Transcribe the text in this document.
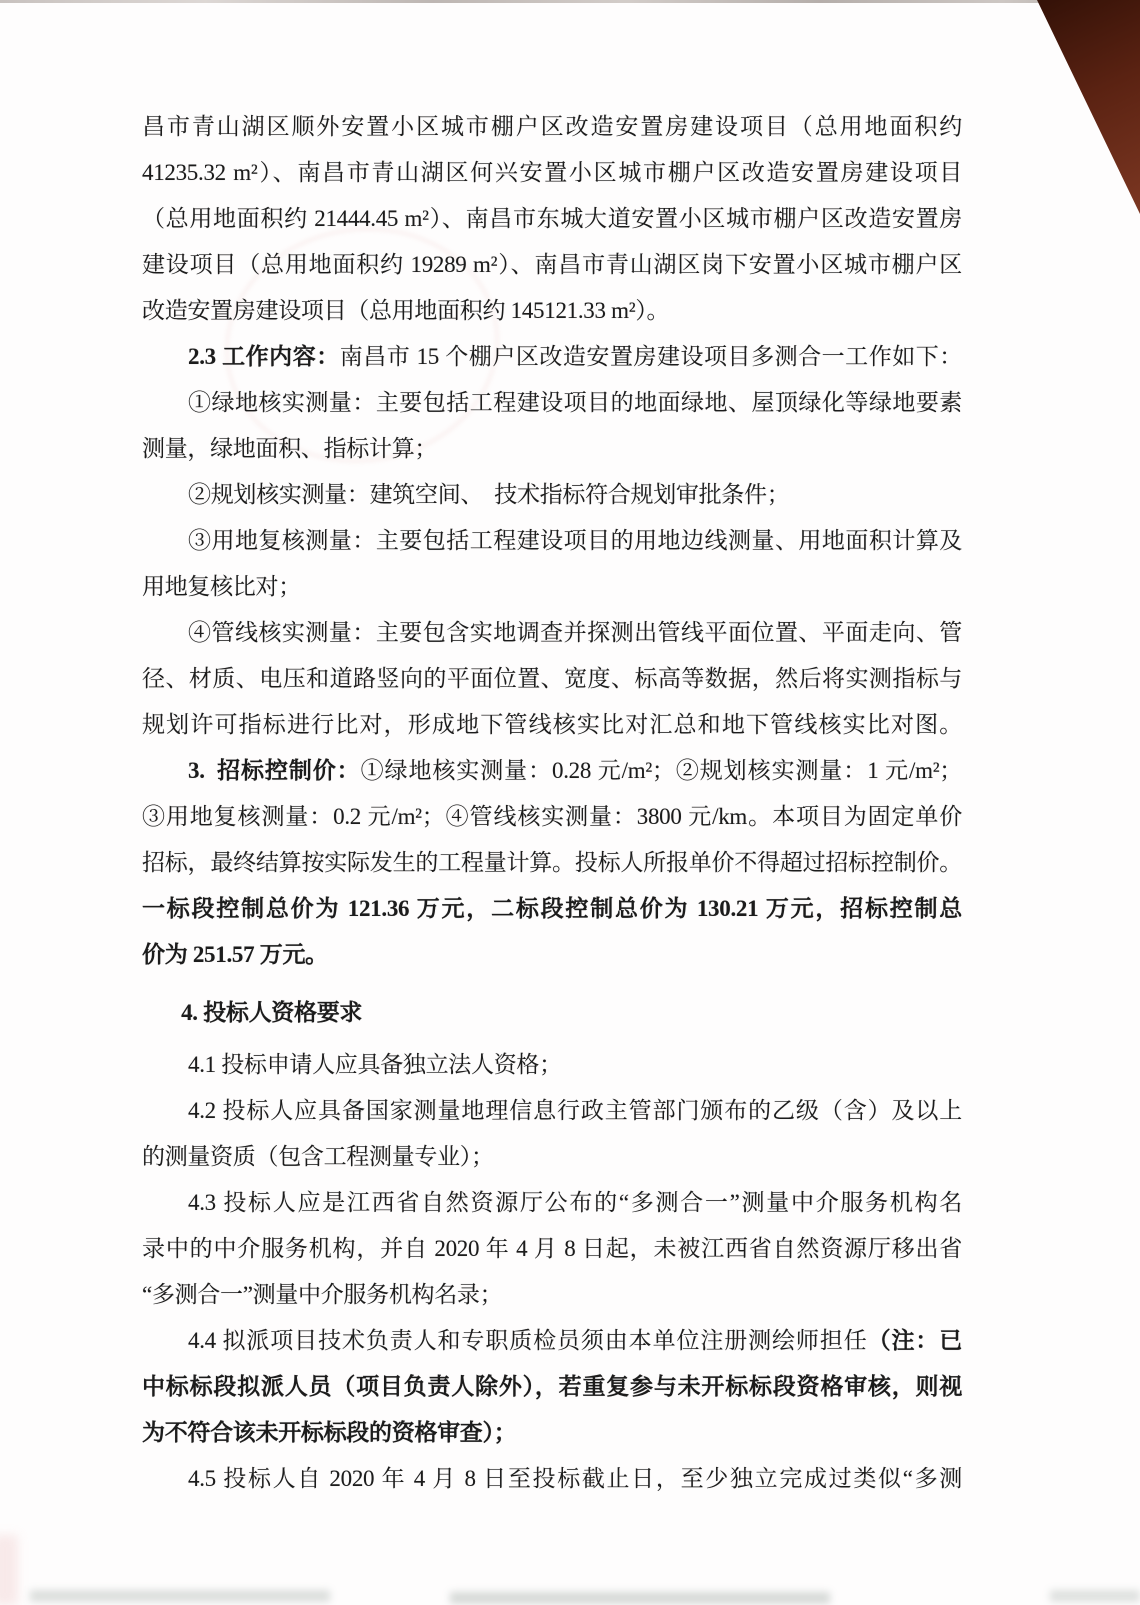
昌市青山湖区顺外安置小区城市棚户区改造安置房建设项目（总用地面积约
41235.32 m²）、南昌市青山湖区何兴安置小区城市棚户区改造安置房建设项目
（总用地面积约 21444.45 m²）、南昌市东城大道安置小区城市棚户区改造安置房
建设项目（总用地面积约 19289 m²）、南昌市青山湖区岗下安置小区城市棚户区
改造安置房建设项目（总用地面积约 145121.33 m²）。
2.3 工作内容：南昌市 15 个棚户区改造安置房建设项目多测合一工作如下：
①绿地核实测量：主要包括工程建设项目的地面绿地、屋顶绿化等绿地要素
测量，绿地面积、指标计算；
②规划核实测量：建筑空间、 技术指标符合规划审批条件；
③用地复核测量：主要包括工程建设项目的用地边线测量、用地面积计算及
用地复核比对；
④管线核实测量：主要包含实地调查并探测出管线平面位置、平面走向、管
径、材质、电压和道路竖向的平面位置、宽度、标高等数据，然后将实测指标与
规划许可指标进行比对，形成地下管线核实比对汇总和地下管线核实比对图。
3. 招标控制价：①绿地核实测量：0.28 元/m²；②规划核实测量：1 元/m²；
③用地复核测量：0.2 元/m²；④管线核实测量：3800 元/km。本项目为固定单价
招标，最终结算按实际发生的工程量计算。投标人所报单价不得超过招标控制价。
一标段控制总价为 121.36 万元，二标段控制总价为 130.21 万元，招标控制总
价为 251.57 万元。
4. 投标人资格要求
4.1 投标申请人应具备独立法人资格；
4.2 投标人应具备国家测量地理信息行政主管部门颁布的乙级（含）及以上
的测量资质（包含工程测量专业）；
4.3 投标人应是江西省自然资源厅公布的“多测合一”测量中介服务机构名
录中的中介服务机构，并自 2020 年 4 月 8 日起，未被江西省自然资源厅移出省
“多测合一”测量中介服务机构名录；
4.4 拟派项目技术负责人和专职质检员须由本单位注册测绘师担任（注：已
中标标段拟派人员（项目负责人除外），若重复参与未开标标段资格审核，则视
为不符合该未开标标段的资格审查）；
4.5 投标人自 2020 年 4 月 8 日至投标截止日，至少独立完成过类似“多测
